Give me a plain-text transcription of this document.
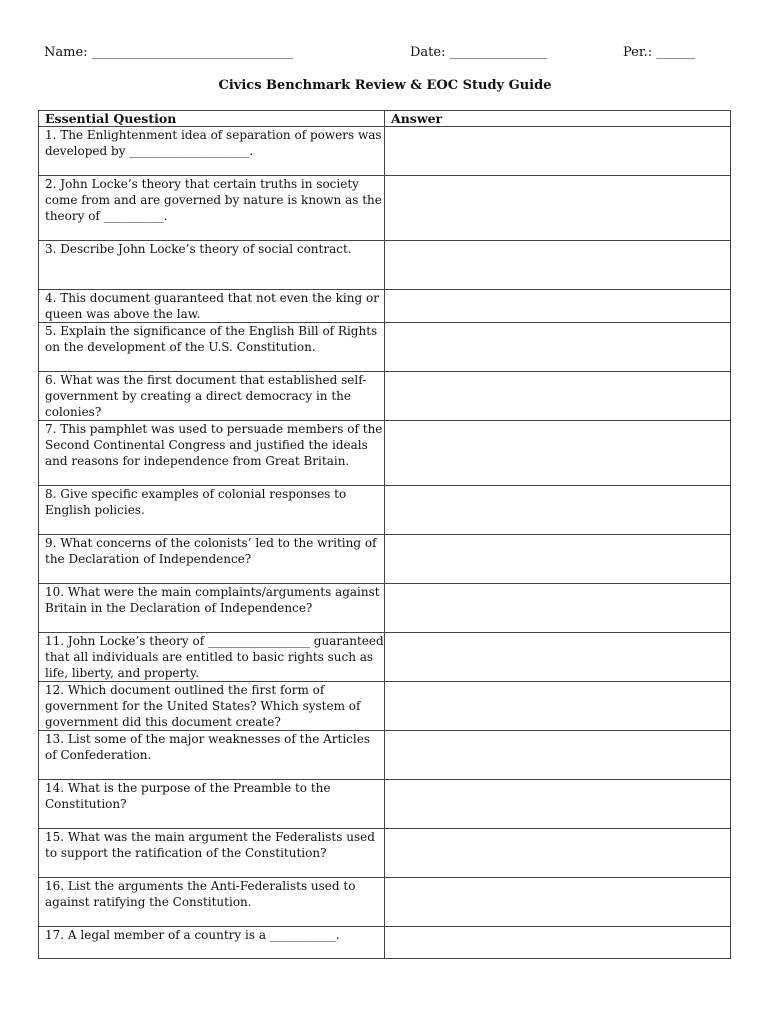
Name: _______________________________	Date: _______________	Per.: ______
Civics Benchmark Review & EOC Study Guide
Essential Question	Answer
1. The Enlightenment idea of separation of powers was developed by ____________________.	
2. John Locke’s theory that certain truths in society come from and are governed by nature is known as the theory of __________.	
3. Describe John Locke’s theory of social contract.	
4. This document guaranteed that not even the king or queen was above the law.	
5. Explain the significance of the English Bill of Rights on the development of the U.S. Constitution.	
6. What was the first document that established self-government by creating a direct democracy in the colonies?	
7. This pamphlet was used to persuade members of the Second Continental Congress and justified the ideals and reasons for independence from Great Britain.	
8. Give specific examples of colonial responses to English policies.	
9. What concerns of the colonists’ led to the writing of the Declaration of Independence?	
10. What were the main complaints/arguments against Britain in the Declaration of Independence?	
11. John Locke’s theory of _________________ guaranteed that all individuals are entitled to basic rights such as life, liberty, and property.	
12. Which document outlined the first form of government for the United States? Which system of government did this document create?	
13. List some of the major weaknesses of the Articles of Confederation.	
14. What is the purpose of the Preamble to the Constitution?	
15. What was the main argument the Federalists used to support the ratification of the Constitution?	
16. List the arguments the Anti-Federalists used to against ratifying the Constitution.	
17. A legal member of a country is a ___________.	
